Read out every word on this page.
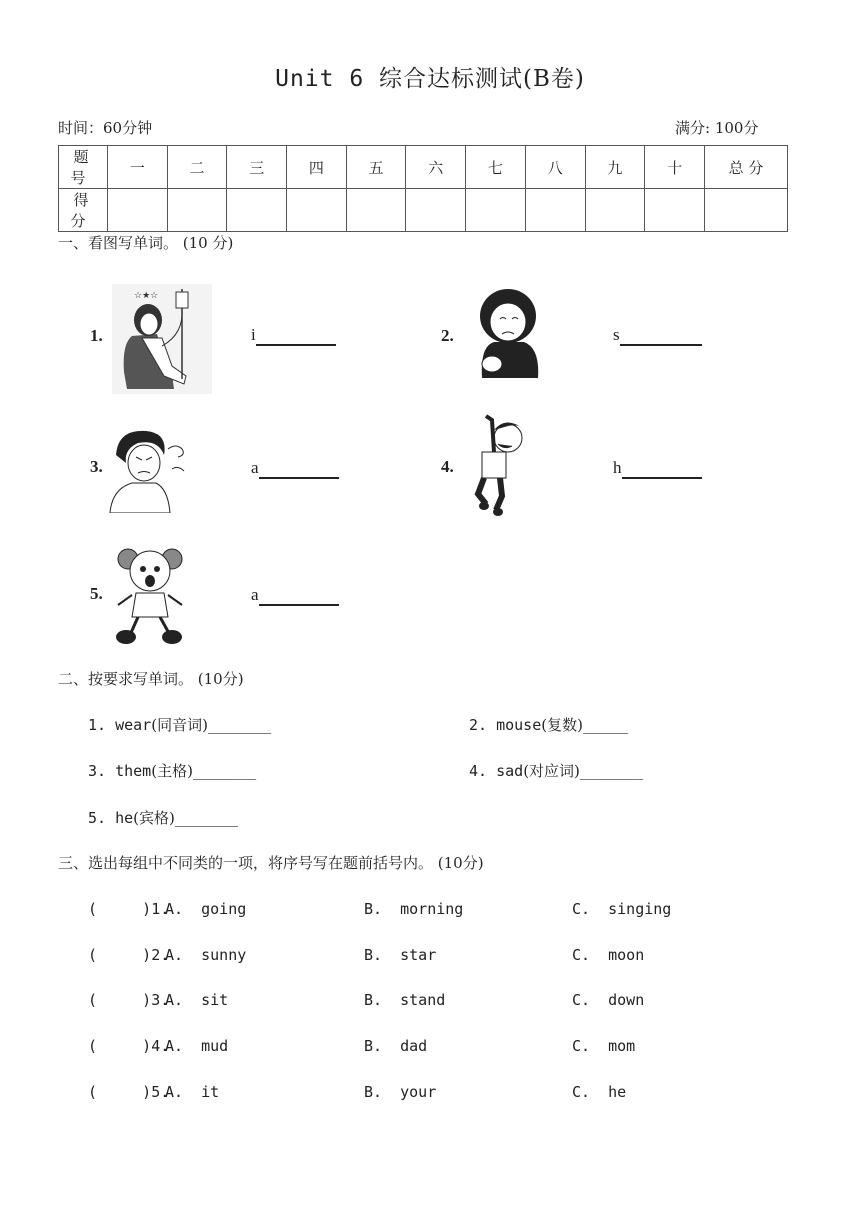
Unit 6 综合达标测试(B卷)
时间：60分钟	满分: 100分
题号	一	二	三	四	五	六	七	八	九	十	总 分
得分											
一、看图写单词。 (10 分)
1.
☆★☆
i	2.	s
3.	a	4.	h
5.	a
二、按要求写单词。 (10分)
1. wear(同音词)_______	2. mouse(复数)_____
3. them(主格)_______	4. sad(对应词)_______
5. he(宾格)_______
三、选出每组中不同类的一项，将序号写在题前括号内。 (10分)
(     )1.
A.  going	B.  morning	C.  singing
(     )2.
A.  sunny	B.  star	C.  moon
(     )3.
A.  sit	B.  stand	C.  down
(     )4.
A.  mud	B.  dad	C.  mom
(     )5.
A.  it	B.  your	C.  he
